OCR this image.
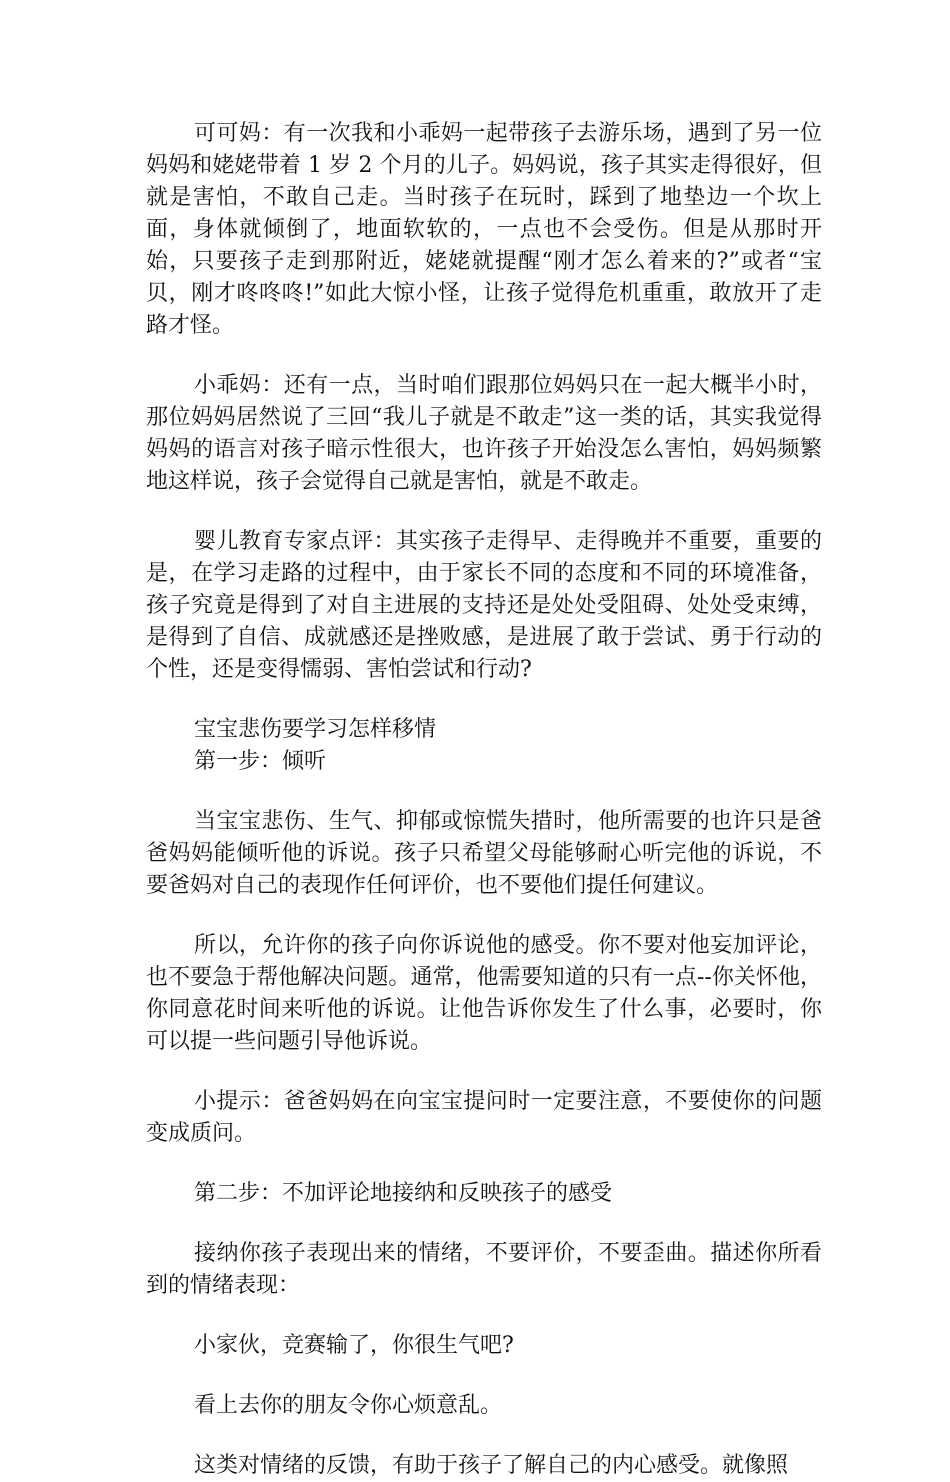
可可妈：有一次我和小乖妈一起带孩子去游乐场，遇到了另一位妈妈和姥姥带着 1 岁 2 个月的儿子。妈妈说，孩子其实走得很好，但就是害怕，不敢自己走。当时孩子在玩时，踩到了地垫边一个坎上面，身体就倾倒了，地面软软的，一点也不会受伤。但是从那时开始，只要孩子走到那附近，姥姥就提醒“刚才怎么着来的?”或者“宝贝，刚才咚咚咚!”如此大惊小怪，让孩子觉得危机重重，敢放开了走路才怪。

小乖妈：还有一点，当时咱们跟那位妈妈只在一起大概半小时，那位妈妈居然说了三回“我儿子就是不敢走”这一类的话，其实我觉得妈妈的语言对孩子暗示性很大，也许孩子开始没怎么害怕，妈妈频繁地这样说，孩子会觉得自己就是害怕，就是不敢走。

婴儿教育专家点评：其实孩子走得早、走得晚并不重要，重要的是，在学习走路的过程中，由于家长不同的态度和不同的环境准备，孩子究竟是得到了对自主进展的支持还是处处受阻碍、处处受束缚，是得到了自信、成就感还是挫败感，是进展了敢于尝试、勇于行动的个性，还是变得懦弱、害怕尝试和行动?

宝宝悲伤要学习怎样移情

第一步：倾听

当宝宝悲伤、生气、抑郁或惊慌失措时，他所需要的也许只是爸爸妈妈能倾听他的诉说。孩子只希望父母能够耐心听完他的诉说，不要爸妈对自己的表现作任何评价，也不要他们提任何建议。

所以，允许你的孩子向你诉说他的感受。你不要对他妄加评论，也不要急于帮他解决问题。通常，他需要知道的只有一点--你关怀他，你同意花时间来听他的诉说。让他告诉你发生了什么事，必要时，你可以提一些问题引导他诉说。

小提示：爸爸妈妈在向宝宝提问时一定要注意，不要使你的问题变成质问。

第二步：不加评论地接纳和反映孩子的感受

接纳你孩子表现出来的情绪，不要评价，不要歪曲。描述你所看到的情绪表现：

小家伙，竞赛输了，你很生气吧?

看上去你的朋友令你心烦意乱。

这类对情绪的反馈，有助于孩子了解自己的内心感受。就像照
